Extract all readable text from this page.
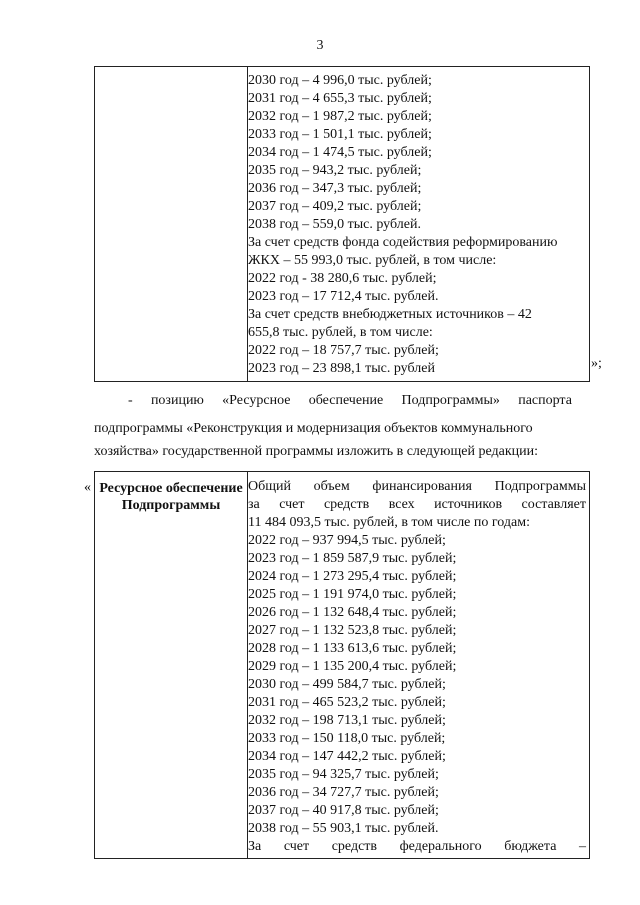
3
2030 год – 4 996,0 тыс. рублей;
2031 год – 4 655,3 тыс. рублей;
2032 год – 1 987,2 тыс. рублей;
2033 год – 1 501,1 тыс. рублей;
2034 год – 1 474,5 тыс. рублей;
2035 год – 943,2 тыс. рублей;
2036 год – 347,3 тыс. рублей;
2037 год – 409,2 тыс. рублей;
2038 год – 559,0 тыс. рублей.
За счет средств фонда содействия реформированию
ЖКХ – 55 993,0 тыс. рублей, в том числе:
2022 год - 38 280,6 тыс. рублей;
2023 год – 17 712,4 тыс. рублей.
За счет средств внебюджетных источников – 42
655,8 тыс. рублей, в том числе:
2022 год – 18 757,7 тыс. рублей;
2023 год – 23 898,1 тыс. рублей	»;
- позицию «Ресурсное обеспечение Подпрограммы» паспорта
подпрограммы «Реконструкция и модернизация объектов коммунального
хозяйства» государственной программы изложить в следующей редакции:
« Ресурсное обеспечение Подпрограммы
Общий объем финансирования Подпрограммы
за счет средств всех источников составляет
11 484 093,5 тыс. рублей, в том числе по годам:
2022 год – 937 994,5 тыс. рублей;
2023 год – 1 859 587,9 тыс. рублей;
2024 год – 1 273 295,4 тыс. рублей;
2025 год – 1 191 974,0 тыс. рублей;
2026 год – 1 132 648,4 тыс. рублей;
2027 год – 1 132 523,8 тыс. рублей;
2028 год – 1 133 613,6 тыс. рублей;
2029 год – 1 135 200,4 тыс. рублей;
2030 год – 499 584,7 тыс. рублей;
2031 год – 465 523,2 тыс. рублей;
2032 год – 198 713,1 тыс. рублей;
2033 год – 150 118,0 тыс. рублей;
2034 год – 147 442,2 тыс. рублей;
2035 год – 94 325,7 тыс. рублей;
2036 год – 34 727,7 тыс. рублей;
2037 год – 40 917,8 тыс. рублей;
2038 год – 55 903,1 тыс. рублей.
За счет средств федерального бюджета –
